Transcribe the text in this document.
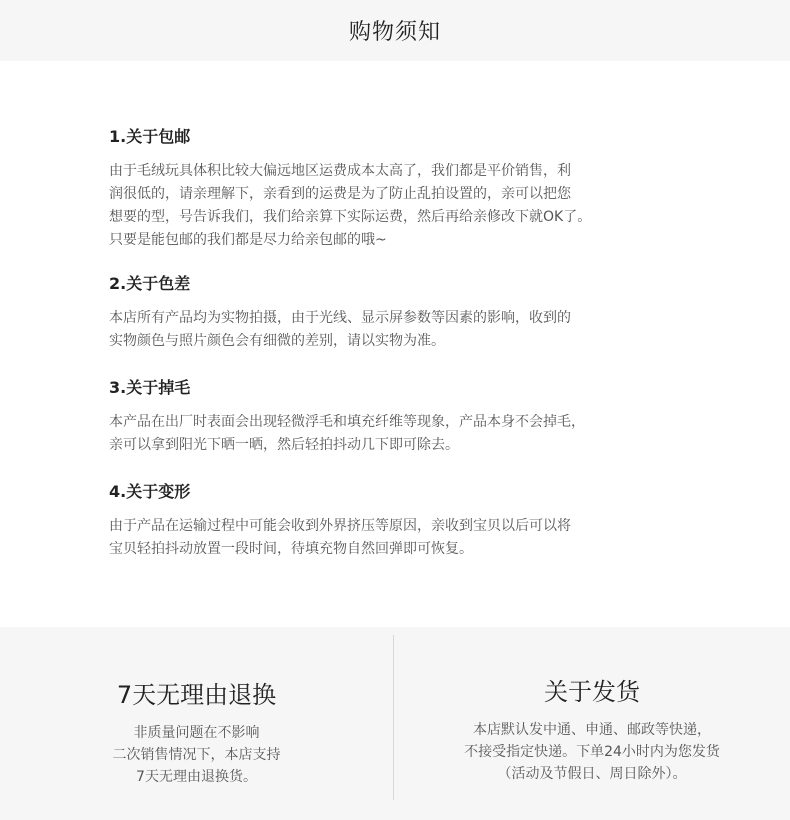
购物须知
1.关于包邮

由于毛绒玩具体积比较大偏远地区运费成本太高了，我们都是平价销售，利
润很低的，请亲理解下，亲看到的运费是为了防止乱拍设置的，亲可以把您
想要的型，号告诉我们，我们给亲算下实际运费，然后再给亲修改下就OK了。
只要是能包邮的我们都是尽力给亲包邮的哦~

2.关于色差

本店所有产品均为实物拍摄，由于光线、显示屏参数等因素的影响，收到的
实物颜色与照片颜色会有细微的差别，请以实物为准。

3.关于掉毛

本产品在出厂时表面会出现轻微浮毛和填充纤维等现象，产品本身不会掉毛，
亲可以拿到阳光下晒一晒，然后轻拍抖动几下即可除去。

4.关于变形

由于产品在运输过程中可能会收到外界挤压等原因，亲收到宝贝以后可以将
宝贝轻拍抖动放置一段时间，待填充物自然回弹即可恢复。

7天无理由退换
非质量问题在不影响
二次销售情况下，本店支持
7天无理由退换货。
关于发货
本店默认发中通、申通、邮政等快递，
不接受指定快递。下单24小时内为您发货
（活动及节假日、周日除外）。
